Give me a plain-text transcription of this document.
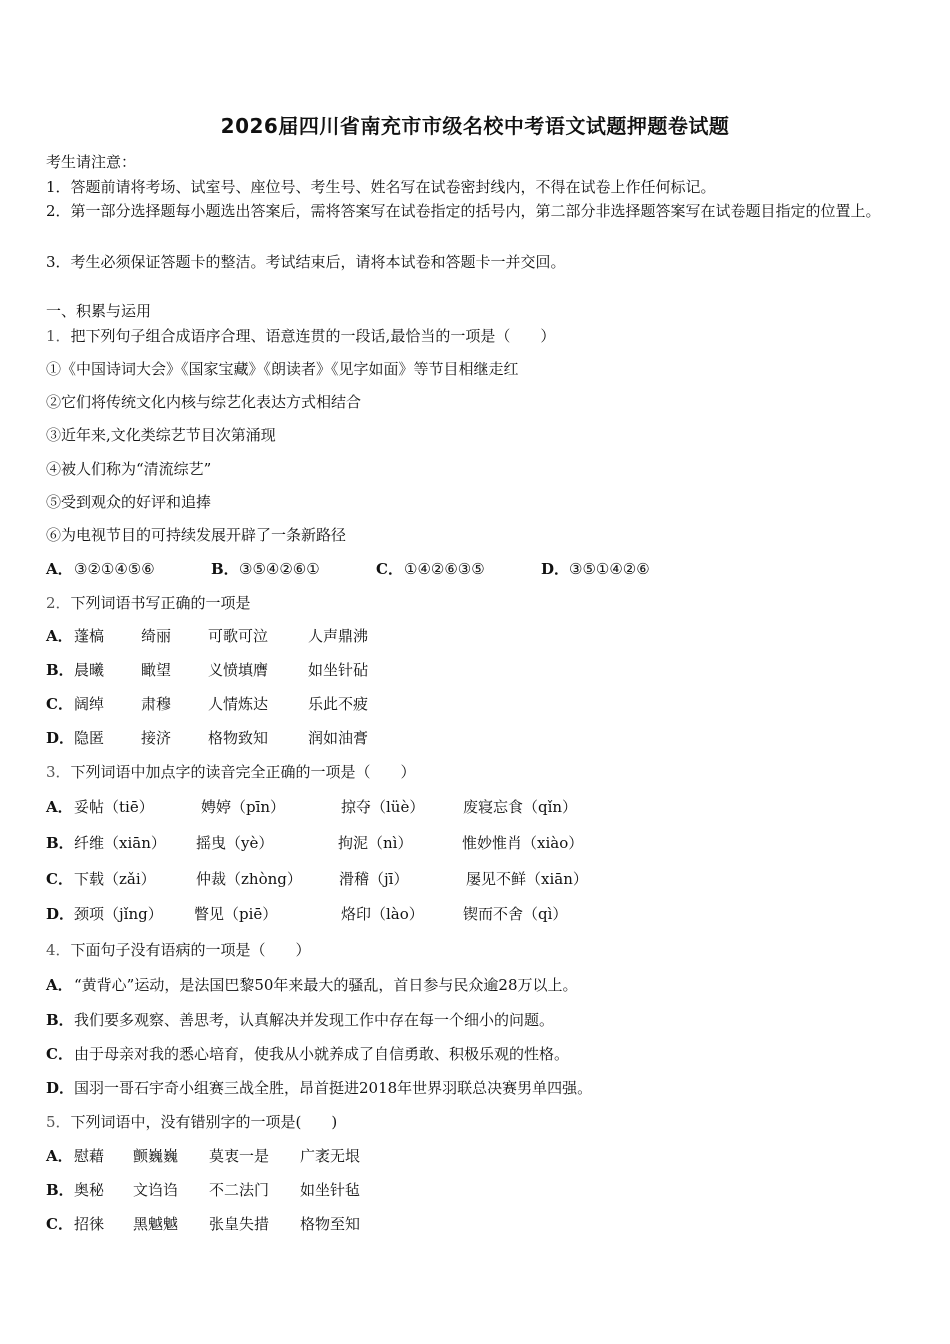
2026届四川省南充市市级名校中考语文试题押题卷试题
考生请注意：
1．答题前请将考场、试室号、座位号、考生号、姓名写在试卷密封线内，不得在试卷上作任何标记。
2．第一部分选择题每小题选出答案后，需将答案写在试卷指定的括号内，第二部分非选择题答案写在试卷题目指定的位置上。
3．考生必须保证答题卡的整洁。考试结束后，请将本试卷和答题卡一并交回。
一、积累与运用
1．把下列句子组合成语序合理、语意连贯的一段话,最恰当的一项是（　　）
①《中国诗词大会》《国家宝藏》《朗读者》《见字如面》等节目相继走红
②它们将传统文化内核与综艺化表达方式相结合
③近年来,文化类综艺节目次第涌现
④被人们称为“清流综艺”
⑤受到观众的好评和追捧
⑥为电视节目的可持续发展开辟了一条新路径
A．③②①④⑤⑥	B．③⑤④②⑥①	C．①④②⑥③⑤	D．③⑤①④②⑥
2．下列词语书写正确的一项是
A．蓬槁 绮丽 可歌可泣	人声鼎沸
B．晨曦 瞰望 义愤填膺	如坐针砧
C．阔绰 肃穆 人情炼达	乐此不疲
D．隐匿 接济 格物致知	润如油膏
3．下列词语中加点字的读音完全正确的一项是（　　）
A．妥帖（tiē）	娉婷（pīn）	掠夺（lüè）	废寝忘食（qǐn）
B．纤维（xiān） 摇曳（yè）	拘泥（nì）	惟妙惟肖（xiào）
C．下载（zǎi）	仲裁（zhòng） 滑稽（jī）	屡见不鲜（xiān）
D．颈项（jǐng） 瞥见（piē）	烙印（lào）	锲而不舍（qì）
4．下面句子没有语病的一项是（　　）
A．“黄背心”运动，是法国巴黎50年来最大的骚乱，首日参与民众逾28万以上。
B．我们要多观察、善思考，认真解决并发现工作中存在每一个细小的问题。
C．由于母亲对我的悉心培育，使我从小就养成了自信勇敢、积极乐观的性格。
D．国羽一哥石宇奇小组赛三战全胜，昂首挺进2018年世界羽联总决赛男单四强。
5．下列词语中，没有错别字的一项是(　　)
A．慰藉 颤巍巍 莫衷一是 广袤无垠
B．奥秘 文诌诌 不二法门 如坐针毡
C．招徕 黑魆魆 张皇失措 格物至知
